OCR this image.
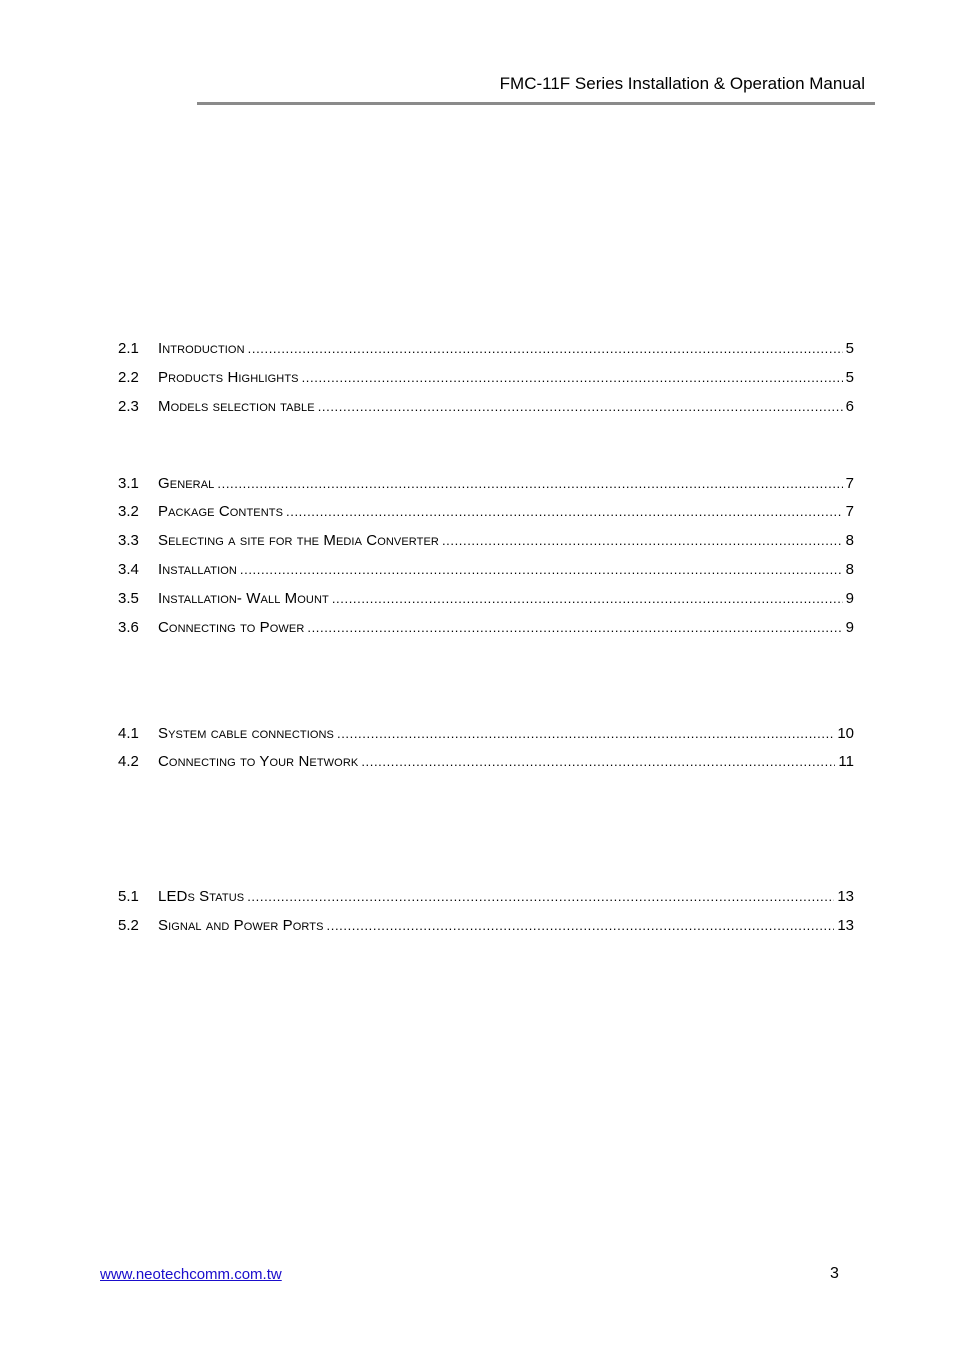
FMC-11F Series Installation & Operation Manual
2.1	Introduction .....	5
2.2	Products Highlights .....	5
2.3	Models selection table .....	6
3.1	General .....	7
3.2	Package Contents .....	7
3.3	Selecting a site for the Media Converter .....	8
3.4	Installation .....	8
3.5	Installation- Wall Mount .....	9
3.6	Connecting to Power .....	9
4.1	System cable connections .....	10
4.2	Connecting to Your Network .....	11
5.1	LEDs Status .....	13
5.2	Signal and Power Ports .....	13
www.neotechcomm.com.tw	3
